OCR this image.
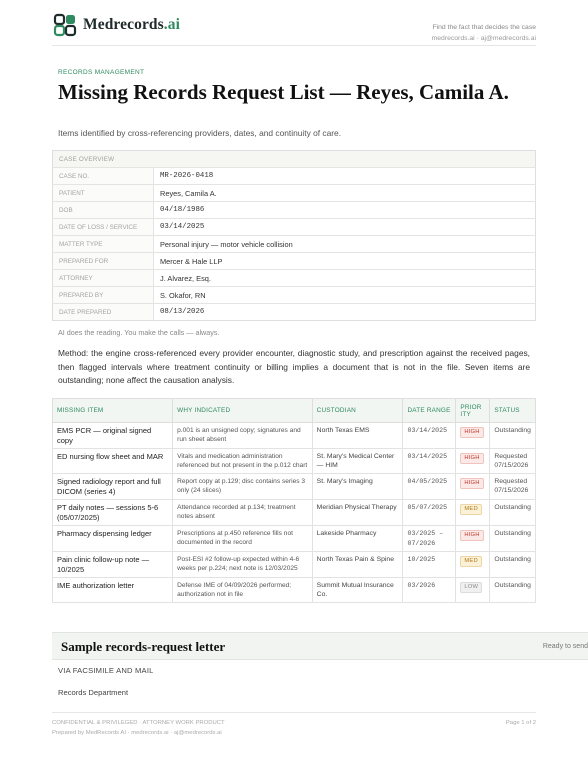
Medrecords.ai	Find the fact that decides the case
medrecords.ai · aj@medrecords.ai
RECORDS MANAGEMENT
Missing Records Request List — Reyes, Camila A.
Items identified by cross-referencing providers, dates, and continuity of care.
CASE OVERVIEW	
CASE NO.	MR-2026-0418
PATIENT	Reyes, Camila A.
DOB	04/18/1986
DATE OF LOSS / SERVICE	03/14/2025
MATTER TYPE	Personal injury — motor vehicle collision
PREPARED FOR	Mercer & Hale LLP
ATTORNEY	J. Alvarez, Esq.
PREPARED BY	S. Okafor, RN
DATE PREPARED	08/13/2026
AI does the reading. You make the calls — always.
Method: the engine cross-referenced every provider encounter, diagnostic study, and prescription against the received pages, then flagged intervals where treatment continuity or billing implies a document that is not in the file. Seven items are outstanding; none affect the causation analysis.
MISSING ITEM	WHY INDICATED	CUSTODIAN	DATE RANGE	PRIOR ITY	STATUS
EMS PCR — original signed copy	p.001 is an unsigned copy; signatures and run sheet absent	North Texas EMS	03/14/2025	HIGH	Outstanding
ED nursing flow sheet and MAR	Vitals and medication administration referenced but not present in the p.012 chart	St. Mary's Medical Center — HIM	03/14/2025	HIGH	Requested 07/15/2026
Signed radiology report and full DICOM (series 4)	Report copy at p.129; disc contains series 3 only (24 slices)	St. Mary's Imaging	04/05/2025	HIGH	Requested 07/15/2026
PT daily notes — sessions 5-6 (05/07/2025)	Attendance recorded at p.134; treatment notes absent	Meridian Physical Therapy	05/07/2025	MED	Outstanding
Pharmacy dispensing ledger	Prescriptions at p.450 reference fills not documented in the record	Lakeside Pharmacy	03/2025 – 07/2026	HIGH	Outstanding
Pain clinic follow-up note — 10/2025	Post-ESI #2 follow-up expected within 4-6 weeks per p.224; next note is 12/03/2025	North Texas Pain & Spine	10/2025	MED	Outstanding
IME authorization letter	Defense IME of 04/09/2026 performed; authorization not in file	Summit Mutual Insurance Co.	03/2026	LOW	Outstanding
Sample records-request letter	Ready to send
VIA FACSIMILE AND MAIL
Records Department
CONFIDENTIAL & PRIVILEGED · ATTORNEY WORK PRODUCT
Prepared by MedRecords AI · medrecords.ai · aj@medrecords.ai
Page 1 of 2
